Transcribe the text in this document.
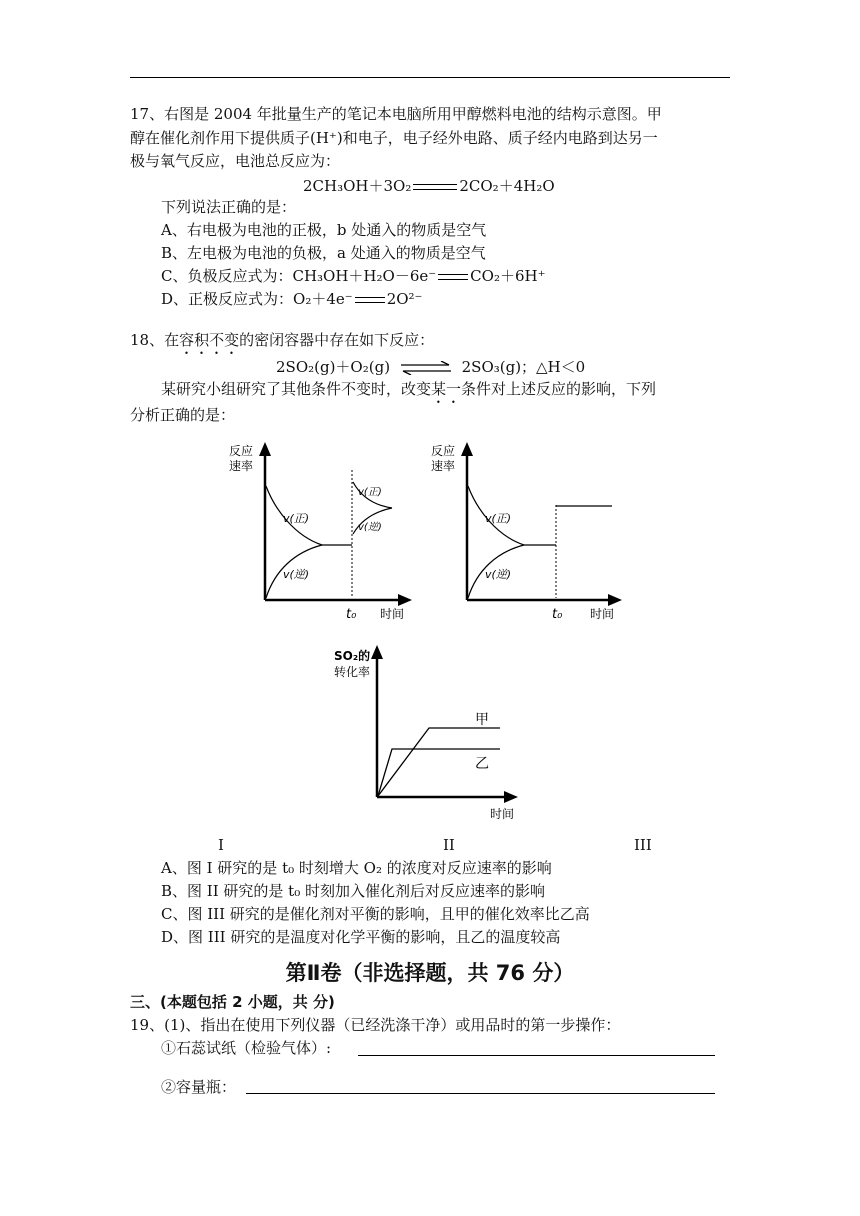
17、右图是 2004 年批量生产的笔记本电脑所用甲醇燃料电池的结构示意图。甲
醇在催化剂作用下提供质子(H⁺)和电子，电子经外电路、质子经内电路到达另一
极与氧气反应，电池总反应为：
2CH₃OH＋3O₂	2CO₂＋4H₂O
下列说法正确的是：
A、右电极为电池的正极，b 处通入的物质是空气
B、左电极为电池的负极，a 处通入的物质是空气
C、负极反应式为：CH₃OH＋H₂O－6e⁻ CO₂＋6H⁺
D、正极反应式为：O₂＋4e⁻ 2O²⁻
18、在容积不变的密闭容器中存在如下反应：
2SO₂(g)＋O₂(g) ⇌ 2SO₃(g)；△H＜0
某研究小组研究了其他条件不变时，改变某一条件对上述反应的影响，下列
分析正确的是：
反应
速率
v(正)
v(逆)
v(正)
v(逆)
t₀ 时间
反应
速率
v(正)
v(逆)
t₀ 时间
SO₂的
转化率
甲
乙
时间
I	II	III
A、图 I 研究的是 t₀ 时刻增大 O₂ 的浓度对反应速率的影响
B、图 II 研究的是 t₀ 时刻加入催化剂后对反应速率的影响
C、图 III 研究的是催化剂对平衡的影响，且甲的催化效率比乙高
D、图 III 研究的是温度对化学平衡的影响，且乙的温度较高
第Ⅱ卷（非选择题，共 76 分）
三、(本题包括 2 小题，共 分)
19、(1)、指出在使用下列仪器（已经洗涤干净）或用品时的第一步操作：
①石蕊试纸（检验气体）:
②容量瓶：
